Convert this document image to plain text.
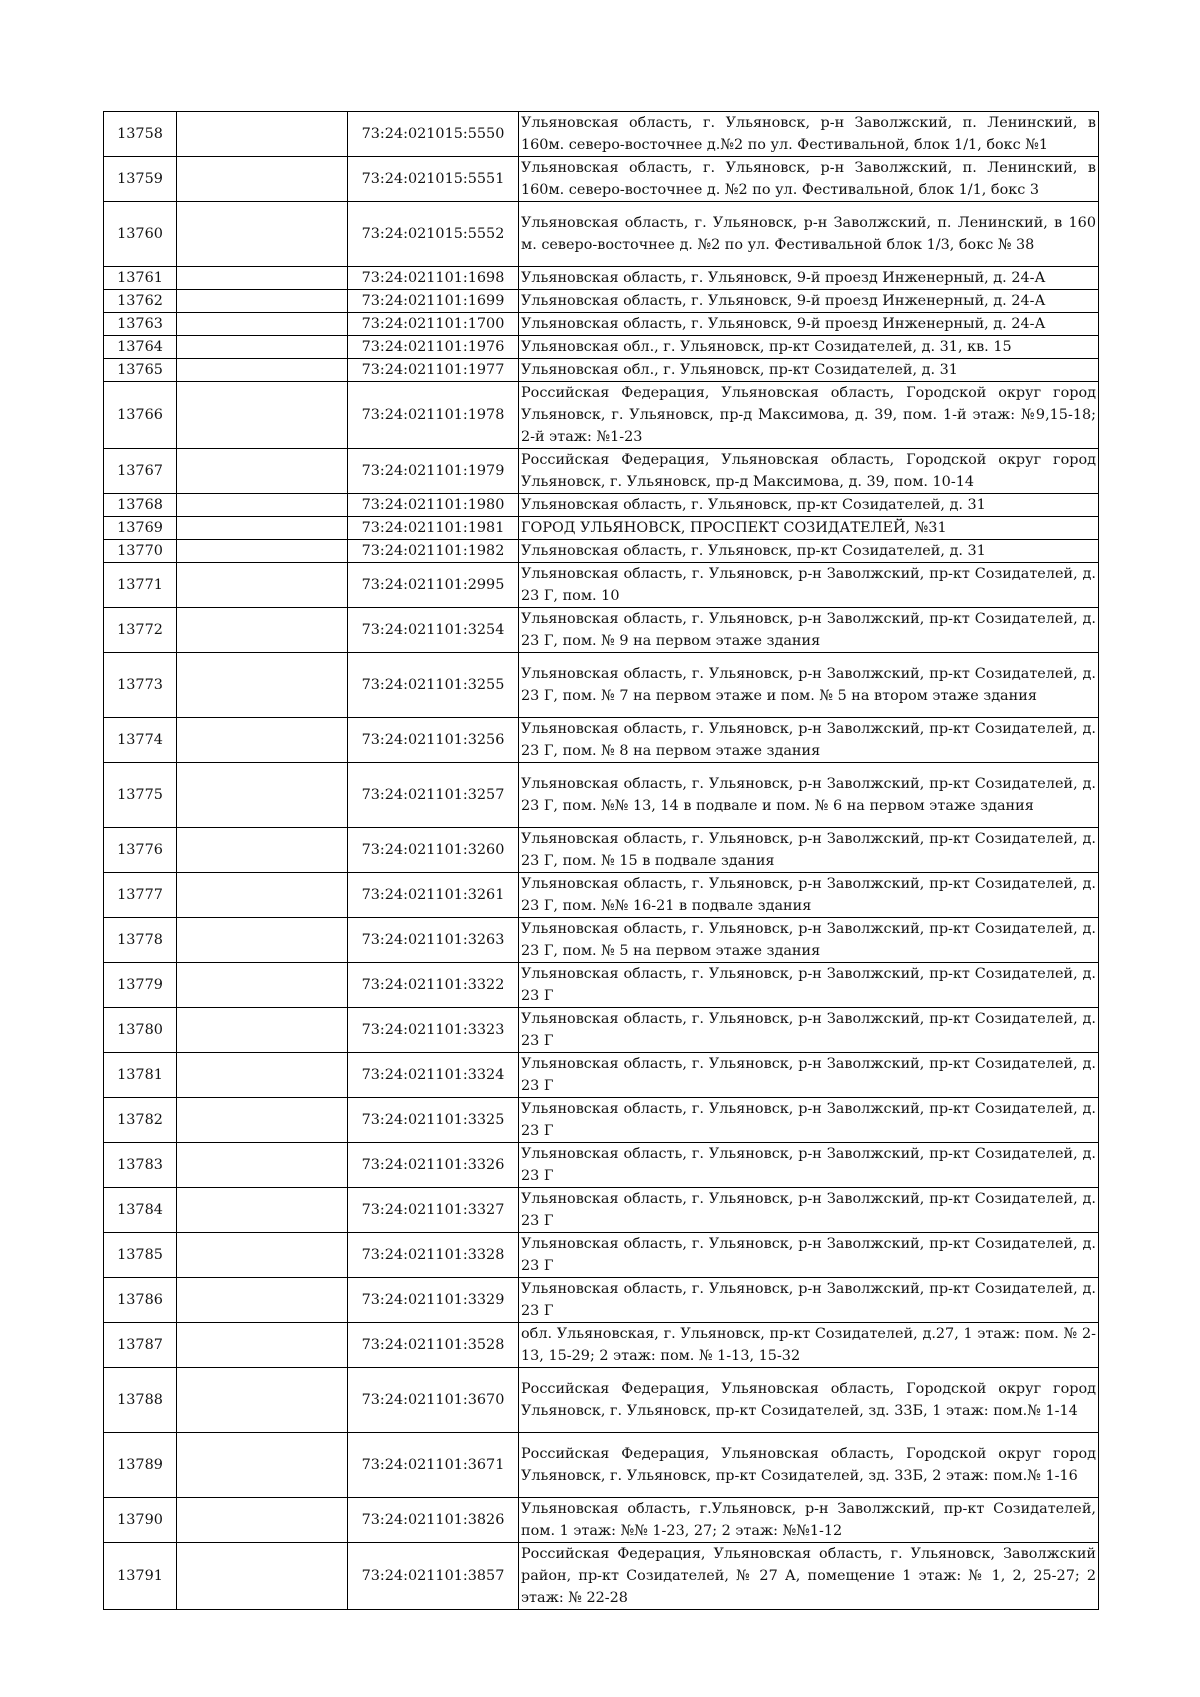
13758		73:24:021015:5550	Ульяновская область, г. Ульяновск, р-н Заволжский, п. Ленинский, в 160м. северо-восточнее д.№2 по ул. Фестивальной, блок 1/1, бокс №1
13759		73:24:021015:5551	Ульяновская область, г. Ульяновск, р-н Заволжский, п. Ленинский, в 160м. северо-восточнее д. №2 по ул. Фестивальной, блок 1/1, бокс 3
13760		73:24:021015:5552	Ульяновская область, г. Ульяновск, р-н Заволжский, п. Ленинский, в 160 м. северо-восточнее д. №2 по ул. Фестивальной блок 1/3, бокс № 38
13761		73:24:021101:1698	Ульяновская область, г. Ульяновск, 9-й проезд Инженерный, д. 24-А
13762		73:24:021101:1699	Ульяновская область, г. Ульяновск, 9-й проезд Инженерный, д. 24-А
13763		73:24:021101:1700	Ульяновская область, г. Ульяновск, 9-й проезд Инженерный, д. 24-А
13764		73:24:021101:1976	Ульяновская обл., г. Ульяновск, пр-кт Созидателей, д. 31, кв. 15
13765		73:24:021101:1977	Ульяновская обл., г. Ульяновск, пр-кт Созидателей, д. 31
13766		73:24:021101:1978	Российская Федерация, Ульяновская область, Городской округ город Ульяновск, г. Ульяновск, пр-д Максимова, д. 39, пом. 1-й этаж: №9,15-18; 2-й этаж: №1-23
13767		73:24:021101:1979	Российская Федерация, Ульяновская область, Городской округ город Ульяновск, г. Ульяновск, пр-д Максимова, д. 39, пом. 10-14
13768		73:24:021101:1980	Ульяновская область, г. Ульяновск, пр-кт Созидателей, д. 31
13769		73:24:021101:1981	ГОРОД УЛЬЯНОВСК, ПРОСПЕКТ СОЗИДАТЕЛЕЙ, №31
13770		73:24:021101:1982	Ульяновская область, г. Ульяновск, пр-кт Созидателей, д. 31
13771		73:24:021101:2995	Ульяновская область, г. Ульяновск, р-н Заволжский, пр-кт Созидателей, д. 23 Г, пом. 10
13772		73:24:021101:3254	Ульяновская область, г. Ульяновск, р-н Заволжский, пр-кт Созидателей, д. 23 Г, пом. № 9 на первом этаже здания
13773		73:24:021101:3255	Ульяновская область, г. Ульяновск, р-н Заволжский, пр-кт Созидателей, д. 23 Г, пом. № 7 на первом этаже и пом. № 5 на втором этаже здания
13774		73:24:021101:3256	Ульяновская область, г. Ульяновск, р-н Заволжский, пр-кт Созидателей, д. 23 Г, пом. № 8 на первом этаже здания
13775		73:24:021101:3257	Ульяновская область, г. Ульяновск, р-н Заволжский, пр-кт Созидателей, д. 23 Г, пом. №№ 13, 14 в подвале и пом. № 6 на первом этаже здания
13776		73:24:021101:3260	Ульяновская область, г. Ульяновск, р-н Заволжский, пр-кт Созидателей, д. 23 Г, пом. № 15 в подвале здания
13777		73:24:021101:3261	Ульяновская область, г. Ульяновск, р-н Заволжский, пр-кт Созидателей, д. 23 Г, пом. №№ 16-21 в подвале здания
13778		73:24:021101:3263	Ульяновская область, г. Ульяновск, р-н Заволжский, пр-кт Созидателей, д. 23 Г, пом. № 5 на первом этаже здания
13779		73:24:021101:3322	Ульяновская область, г. Ульяновск, р-н Заволжский, пр-кт Созидателей, д. 23 Г
13780		73:24:021101:3323	Ульяновская область, г. Ульяновск, р-н Заволжский, пр-кт Созидателей, д. 23 Г
13781		73:24:021101:3324	Ульяновская область, г. Ульяновск, р-н Заволжский, пр-кт Созидателей, д. 23 Г
13782		73:24:021101:3325	Ульяновская область, г. Ульяновск, р-н Заволжский, пр-кт Созидателей, д. 23 Г
13783		73:24:021101:3326	Ульяновская область, г. Ульяновск, р-н Заволжский, пр-кт Созидателей, д. 23 Г
13784		73:24:021101:3327	Ульяновская область, г. Ульяновск, р-н Заволжский, пр-кт Созидателей, д. 23 Г
13785		73:24:021101:3328	Ульяновская область, г. Ульяновск, р-н Заволжский, пр-кт Созидателей, д. 23 Г
13786		73:24:021101:3329	Ульяновская область, г. Ульяновск, р-н Заволжский, пр-кт Созидателей, д. 23 Г
13787		73:24:021101:3528	обл. Ульяновская, г. Ульяновск, пр-кт Созидателей, д.27, 1 этаж: пом. № 2-13, 15-29; 2 этаж: пом. № 1-13, 15-32
13788		73:24:021101:3670	Российская Федерация, Ульяновская область, Городской округ город Ульяновск, г. Ульяновск, пр-кт Созидателей, зд. 33Б, 1 этаж: пом.№ 1-14
13789		73:24:021101:3671	Российская Федерация, Ульяновская область, Городской округ город Ульяновск, г. Ульяновск, пр-кт Созидателей, зд. 33Б, 2 этаж: пом.№ 1-16
13790		73:24:021101:3826	Ульяновская область, г.Ульяновск, р-н Заволжский, пр-кт Созидателей, пом. 1 этаж: №№ 1-23, 27; 2 этаж: №№1-12
13791		73:24:021101:3857	Российская Федерация, Ульяновская область, г. Ульяновск, Заволжский район, пр-кт Созидателей, № 27 А, помещение 1 этаж: № 1, 2, 25-27; 2 этаж: № 22-28
